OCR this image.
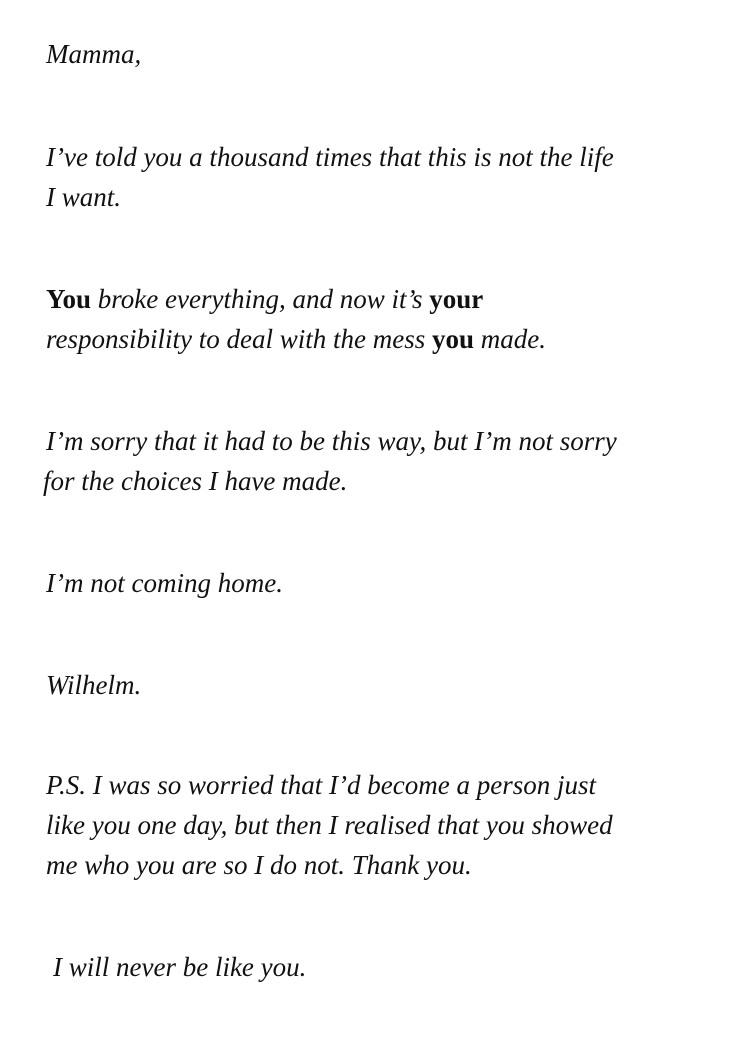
Mamma,

I’ve told you a thousand times that this is not the life
I want.

You broke everything, and now it’s your
responsibility to deal with the mess you made.

I’m sorry that it had to be this way, but I’m not sorry
for the choices I have made.

I’m not coming home.

Wilhelm.

P.S. I was so worried that I’d become a person just
like you one day, but then I realised that you showed
me who you are so I do not. Thank you.

I will never be like you.
